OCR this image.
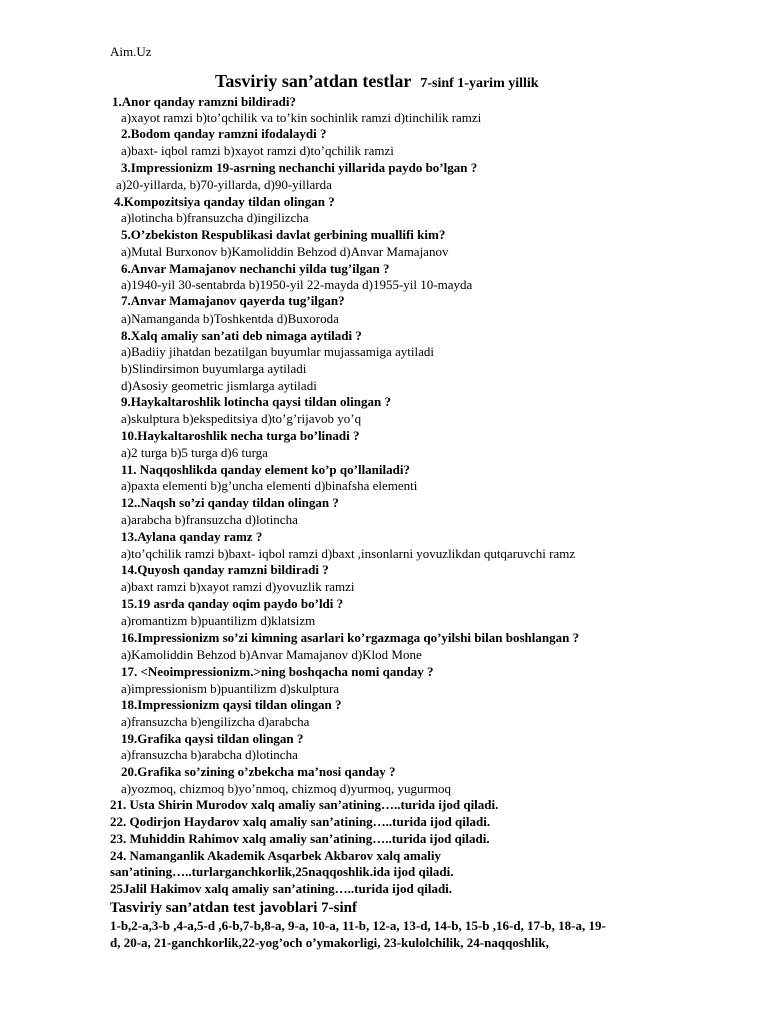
Aim.Uz
Tasviriy san’atdan testlar 7-sinf 1-yarim yillik
1.Anor qanday ramzni bildiradi?
a)xayot ramzi b)to’qchilik va to’kin sochinlik ramzi d)tinchilik ramzi
2.Bodom qanday ramzni ifodalaydi ?
a)baxt- iqbol ramzi b)xayot ramzi d)to’qchilik ramzi
3.Impressionizm 19-asrning nechanchi yillarida paydo bo’lgan ?
a)20-yillarda, b)70-yillarda, d)90-yillarda
4.Kompozitsiya qanday tildan olingan ?
a)lotincha b)fransuzcha d)ingilizcha
5.O’zbekiston Respublikasi davlat gerbining muallifi kim?
a)Mutal Burxonov b)Kamoliddin Behzod d)Anvar Mamajanov
6.Anvar Mamajanov nechanchi yilda tug’ilgan ?
a)1940-yil 30-sentabrda b)1950-yil 22-mayda d)1955-yil 10-mayda
7.Anvar Mamajanov qayerda tug’ilgan?
a)Namanganda b)Toshkentda d)Buxoroda
8.Xalq amaliy san’ati deb nimaga aytiladi ?
a)Badiiy jihatdan bezatilgan buyumlar mujassamiga aytiladi
b)Slindirsimon buyumlarga aytiladi
d)Asosiy geometric jismlarga aytiladi
9.Haykaltaroshlik lotincha qaysi tildan olingan ?
a)skulptura b)ekspeditsiya d)to’g’rijavob yo’q
10.Haykaltaroshlik necha turga bo’linadi ?
a)2 turga b)5 turga d)6 turga
11. Naqqoshlikda qanday element ko’p qo’llaniladi?
a)paxta elementi b)g’uncha elementi d)binafsha elementi
12..Naqsh so’zi qanday tildan olingan ?
a)arabcha b)fransuzcha d)lotincha
13.Aylana qanday ramz ?
a)to’qchilik ramzi b)baxt- iqbol ramzi d)baxt ,insonlarni yovuzlikdan qutqaruvchi ramz
14.Quyosh qanday ramzni bildiradi ?
a)baxt ramzi b)xayot ramzi d)yovuzlik ramzi
15.19 asrda qanday oqim paydo bo’ldi ?
a)romantizm b)puantilizm d)klatsizm
16.Impressionizm so’zi kimning asarlari ko’rgazmaga qo’yilshi bilan boshlangan ?
a)Kamoliddin Behzod b)Anvar Mamajanov d)Klod Mone
17. <Neoimpressionizm.>ning boshqacha nomi qanday ?
a)impressionism b)puantilizm d)skulptura
18.Impressionizm qaysi tildan olingan ?
a)fransuzcha b)engilizcha d)arabcha
19.Grafika qaysi tildan olingan ?
a)fransuzcha b)arabcha d)lotincha
20.Grafika so’zining o’zbekcha ma’nosi qanday ?
a)yozmoq, chizmoq b)yo’nmoq, chizmoq d)yurmoq, yugurmoq
21. Usta Shirin Murodov xalq amaliy san’atining…..turida ijod qiladi.
22. Qodirjon Haydarov xalq amaliy san’atining…..turida ijod qiladi.
23. Muhiddin Rahimov xalq amaliy san’atining…..turida ijod qiladi.
24. Namanganlik Akademik Asqarbek Akbarov xalq amaliy
san’atining…..turlarganchkorlik,25naqqoshlik.ida ijod qiladi.
25Jalil Hakimov xalq amaliy san’atining…..turida ijod qiladi.
Tasviriy san’atdan test javoblari 7-sinf
1-b,2-a,3-b ,4-a,5-d ,6-b,7-b,8-a, 9-a, 10-a, 11-b, 12-a, 13-d, 14-b, 15-b ,16-d, 17-b, 18-a, 19-
d, 20-a, 21-ganchkorlik,22-yog’och o’ymakorligi, 23-kulolchilik, 24-naqqoshlik,
